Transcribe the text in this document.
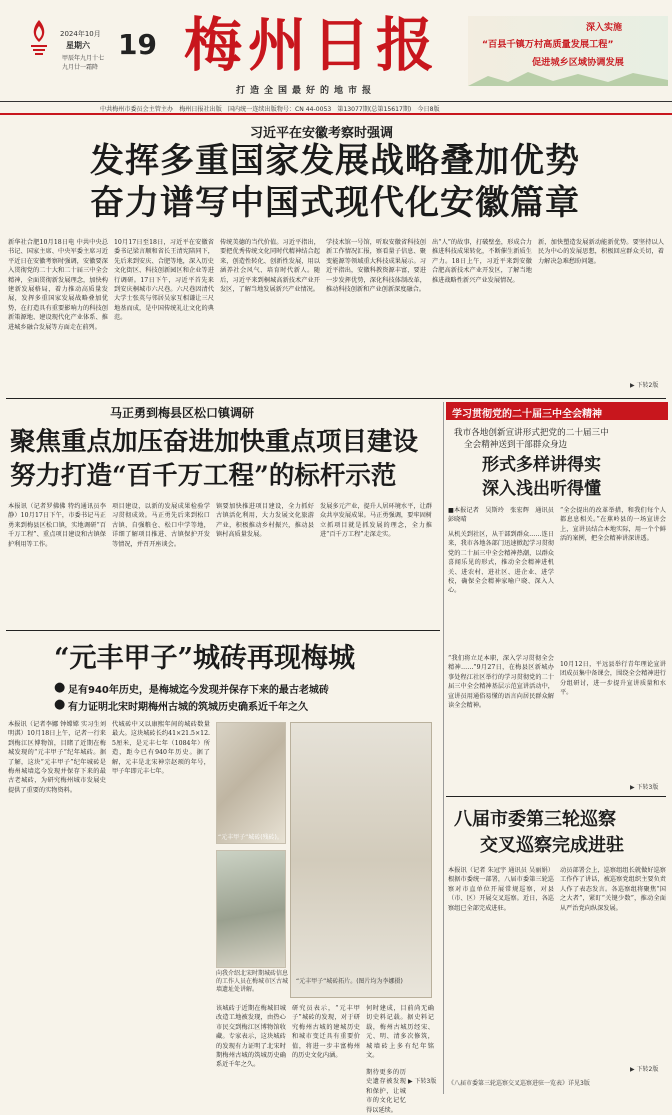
2024年10月
星期六 19
甲辰年九月十七
九月廿一霜降 梅州日报
打造全国最好的地市报
深入实施
“百县千镇万村高质量发展工程”
促进城乡区域协调发展
中共梅州市委员会主管主办　梅州日报社出版　国内统一连续出版物号：CN 44-0053　第13077期(总第15617期)　今日8版
习近平在安徽考察时强调
发挥多重国家发展战略叠加优势
奋力谱写中国式现代化安徽篇章
新华社合肥10月18日电 中共中央总书记、国家主席、中央军委主席习近平近日在安徽考察时强调，安徽要深入贯彻党的二十大和二十届三中全会精神，全面贯彻新发展理念，加快构建新发展格局，着力推动高质量发展，发挥多重国家发展战略叠加优势，在打造具有重要影响力的科技创新策源地、建设现代化产业体系、推进城乡融合发展等方面走在前列。
10月17日至18日，习近平在安徽省委书记梁言顺和省长王清宪陪同下，先后来到安庆、合肥等地，深入历史文化街区、科技创新园区和企业等进行调研。17日下午，习近平首先来到安庆桐城市六尺巷。六尺巷因清代大学士张英与邻居吴家互相谦让三尺地基而成，是中国传统礼让文化的典范。
传统美德的当代价值。习近平指出，要把优秀传统文化同时代精神结合起来，创造性转化、创新性发展，用以涵养社会风气、培育时代新人。随后，习近平来到桐城高新技术产业开发区，了解当地发展新兴产业情况。
学技术馆一号馆，听取安徽省科技创新工作情况汇报，察看量子信息、聚变能源等领域重大科技成果展示。习近平指出，安徽科教资源丰富，要进一步发挥优势，深化科技体制改革，推动科技创新和产业创新深度融合。
出“人”的故事，打破壁垒，形成合力推进科技成果转化，不断催生新质生产力。18日上午，习近平来到安徽合肥高新技术产业开发区，了解当地推进战略性新兴产业发展情况。
新，加快塑造发展新动能新优势。要坚持以人民为中心的发展思想，积极回应群众关切，着力解决急难愁盼问题。
▶ 下转2版
马正勇到梅县区松口镇调研
聚焦重点加压奋进加快重点项目建设
努力打造“百千万工程”的标杆示范
本报讯（记者罗佛佛 特约通讯员李静）10月17日下午，市委书记马正勇来到梅县区松口镇，实地调研“百千万工程”、重点项目建设和古镇保护利用等工作。
项目建设，以新的发展成果检验学习贯彻成效。马正勇先后来到松口古镇、自强粮仓、松口中学等地，详细了解项目推进、古镇保护开发等情况，并召开座谈会。
镇要加快推进项目建设，全力抓好古镇活化利用，大力发展文化旅游产业，积极推动乡村振兴，推动县镇村高质量发展。
发展多元产业，提升人居环境水平，让群众共享发展成果。马正勇强调，要牢固树立抓项目就是抓发展的理念，全力推进“百千万工程”走深走实。
学习贯彻党的二十届三中全会精神
我市各地创新宣讲形式把党的二十届三中
全会精神送到干部群众身边
形式多样讲得实
深入浅出听得懂
■本报记者　吴斯玲　张宏辉　通讯员　彭晓晴
从机关到社区，从干部到群众……连日来，我市各地各部门迅速掀起学习贯彻党的二十届三中全会精神热潮，以群众喜闻乐见的形式，推动全会精神进机关、进农村、进社区、进企业、进学校，确保全会精神家喻户晓、深入人心。
“我们将立足本职，深入学习贯彻全会精神……”9月27日，在梅县区新城办事处程江社区举行的学习贯彻党的二十届三中全会精神基层示范宣讲活动中，宣讲员用通俗易懂的语言向居民群众解读全会精神。
“全会提出的改革举措，和我们每个人都息息相关。”在蕉岭县的一场宣讲会上，宣讲员结合本地实际，用一个个鲜活的案例，把全会精神讲深讲透。
10月12日，平远县举行青年理论宣讲团成员集中备课会，围绕全会精神进行分组研讨，进一步提升宣讲质量和水平。
▶ 下转3版
“元丰甲子”城砖再现梅城
● 足有940年历史，是梅城迄今发现并保存下来的最古老城砖
● 有力证明北宋时期梅州古城的筑城历史确系近千年之久
本报讯（记者李娜 钟嫦嫦 实习生刘明淇）10月18日上午，记者一行来到梅江区博物馆，目睹了近期在梅城发现的“元丰甲子”纪年城砖。据了解，这块“元丰甲子”纪年城砖是梅州城墙迄今发现并保存下来的最古老城砖，为研究梅州城市发展史提供了重要的实物资料。
代城砖中又以康熙年间的城砖数量最大。这块城砖长约41×21.5×12.5厘米，是元丰七年（1084年）所造，距今已有940年历史。据了解，元丰是北宋神宗赵顼的年号，甲子年即元丰七年。
“元丰甲子”城砖(残砖)。
“元丰甲子”城砖拓片。(图片均为李娜摄)
向我介绍北宋时期城砖信息的工作人员在梅城市区古城墙遗址处讲解。
该城砖于近期在梅城旧城改造工地被发现，由热心市民交到梅江区博物馆收藏。专家表示，这块城砖的发现有力证明了北宋时期梅州古城的筑城历史确系近千年之久。
研究员表示，“元丰甲子”城砖的发现，对于研究梅州古城的建城历史和城市变迁具有重要价值，将进一步丰富梅州的历史文化内涵。
何时建成，目前尚无确切史料记载。据史料记载，梅州古城历经宋、元、明、清多次修筑，城墙砖上多有纪年铭文。
期待更多的历史遗存被发现和保护，让城市的文化记忆得以延续。
▶ 下转3版
八届市委第三轮巡察
交叉巡察完成进驻
本报讯（记者 朱冠宇 通讯员 吴丽娟）根据市委统一部署，八届市委第三轮巡察对市直单位开展常规巡察，对县（市、区）开展交叉巡察。近日，各巡察组已全部完成进驻。
动员部署会上，巡察组组长就做好巡察工作作了讲话，被巡察党组织主要负责人作了表态发言。各巡察组将聚焦“国之大者”，紧盯“关键少数”，推动全面从严治党向纵深发展。
▶ 下转2版
《八届市委第三轮巡察交叉巡察进驻一览表》详见3版
